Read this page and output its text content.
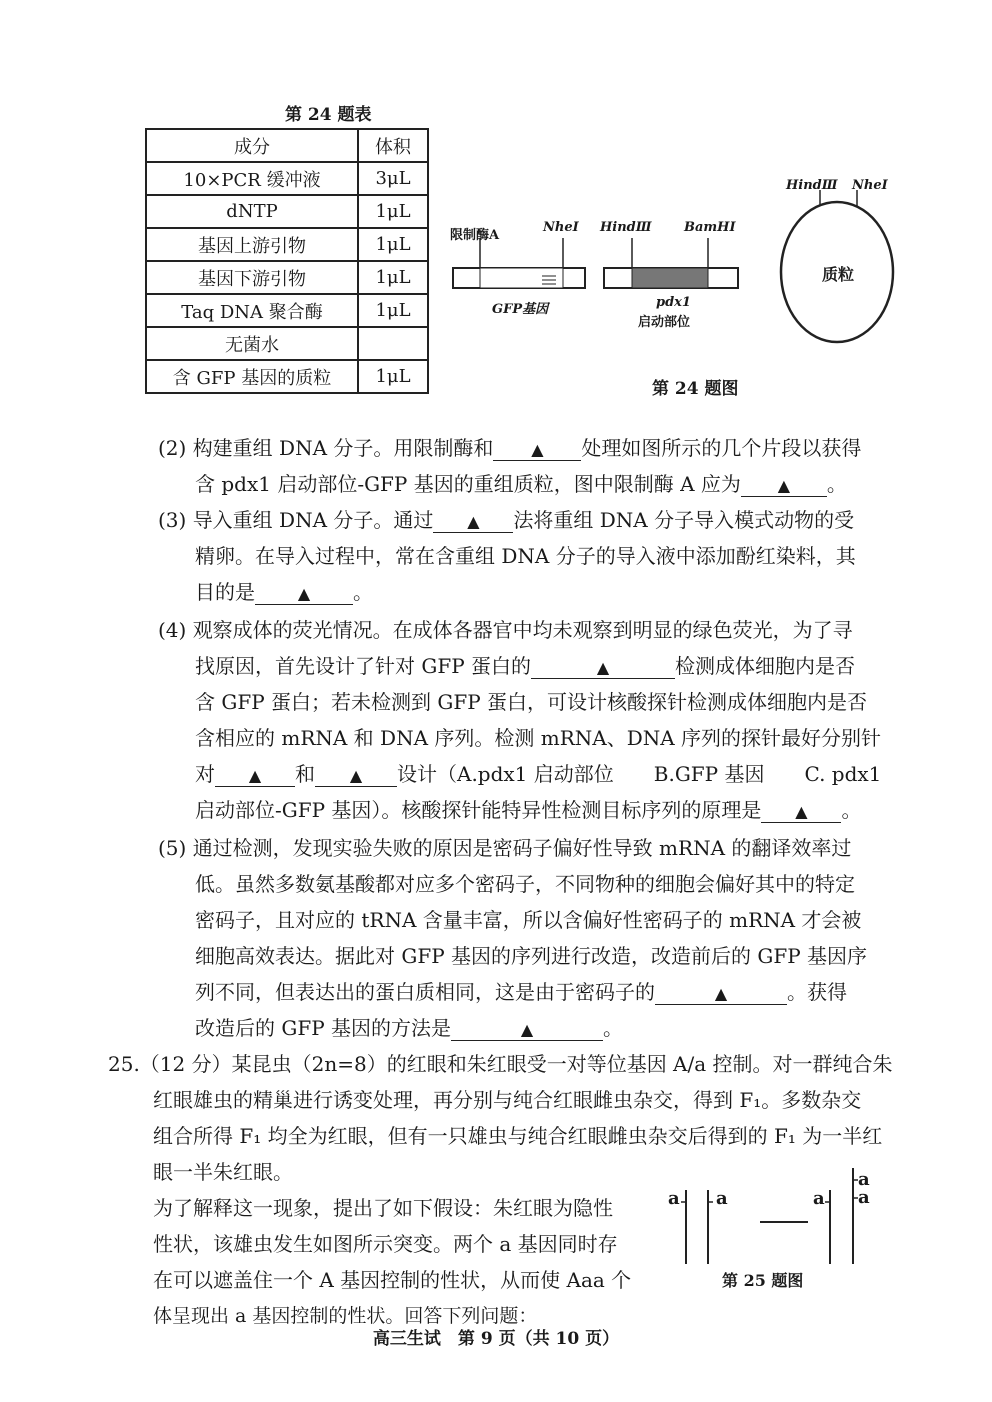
第 24 题表
成分	体积
10×PCR 缓冲液	3μL
dNTP	1μL
基因上游引物	1μL
基因下游引物	1μL
Taq DNA 聚合酶	1μL
无菌水	
含 GFP 基因的质粒	1μL
限制酶A
NheⅠ
GFP基因
HindⅢ BamHⅠ
pdx1
启动部位
HindⅢ NheⅠ
质粒
第 24 题图
(2) 构建重组 DNA 分子。用限制酶和 ▲ 处理如图所示的几个片段以获得
含 pdx1 启动部位-GFP 基因的重组质粒，图中限制酶 A 应为 ▲ 。
(3) 导入重组 DNA 分子。通过 ▲ 法将重组 DNA 分子导入模式动物的受
精卵。在导入过程中，常在含重组 DNA 分子的导入液中添加酚红染料，其
目的是	▲ 。
(4) 观察成体的荧光情况。在成体各器官中均未观察到明显的绿色荧光，为了寻
找原因，首先设计了针对 GFP 蛋白的	▲	检测成体细胞内是否
含 GFP 蛋白；若未检测到 GFP 蛋白，可设计核酸探针检测成体细胞内是否
含相应的 mRNA 和 DNA 序列。检测 mRNA、DNA 序列的探针最好分别针
对 ▲ 和 ▲ 设计（A.pdx1 启动部位　　B.GFP 基因　　C. pdx1
启动部位-GFP 基因）。核酸探针能特异性检测目标序列的原理是 ▲ 。
(5) 通过检测，发现实验失败的原因是密码子偏好性导致 mRNA 的翻译效率过
低。虽然多数氨基酸都对应多个密码子，不同物种的细胞会偏好其中的特定
密码子，且对应的 tRNA 含量丰富，所以含偏好性密码子的 mRNA 才会被
细胞高效表达。据此对 GFP 基因的序列进行改造，改造前后的 GFP 基因序
列不同，但表达出的蛋白质相同，这是由于密码子的	▲	。获得
改造后的 GFP 基因的方法是	▲	。
25.（12 分）某昆虫（2n=8）的红眼和朱红眼受一对等位基因 A/a 控制。对一群纯合朱
红眼雄虫的精巢进行诱变处理，再分别与纯合红眼雌虫杂交，得到 F₁。多数杂交
组合所得 F₁ 均全为红眼，但有一只雄虫与纯合红眼雌虫杂交后得到的 F₁ 为一半红
眼一半朱红眼。
为了解释这一现象，提出了如下假设：朱红眼为隐性
性状，该雄虫发生如图所示突变。两个 a 基因同时存
在可以遮盖住一个 A 基因控制的性状，从而使 Aaa 个
体呈现出 a 基因控制的性状。回答下列问题：
a a	a
a
a
第 25 题图
高三生试　第 9 页（共 10 页）
